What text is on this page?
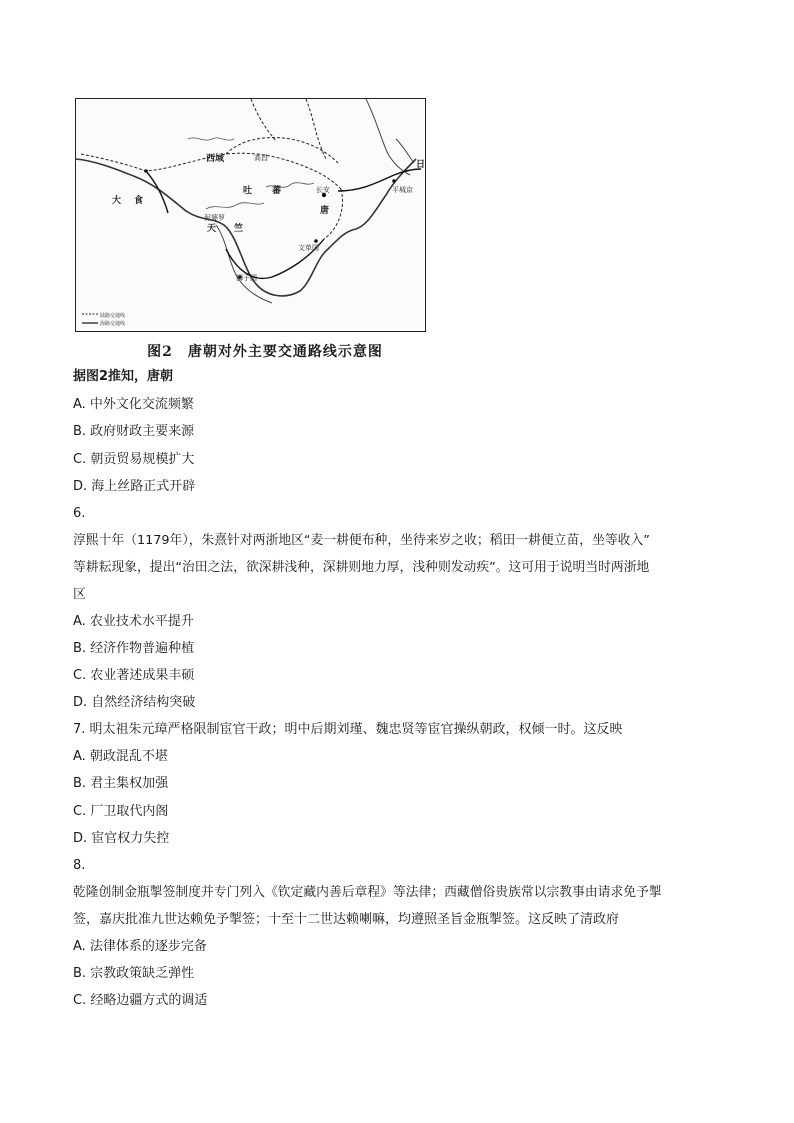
大 食
天 竺
吐 蕃
唐
长安
狮子国
文单国
泥婆罗
西域	高昌
日
平城京
陆路交通线
海路交通线
图2　唐朝对外主要交通路线示意图
据图2推知，唐朝
A. 中外文化交流频繁
B. 政府财政主要来源
C. 朝贡贸易规模扩大
D. 海上丝路正式开辟
6.
淳熙十年（1179年），朱熹针对两浙地区“麦一耕便布种，坐待来岁之收；稻田一耕便立苗，坐等收入”
等耕耘现象，提出“治田之法，欲深耕浅种，深耕则地力厚，浅种则发动疾”。这可用于说明当时两浙地
区
A. 农业技术水平提升
B. 经济作物普遍种植
C. 农业著述成果丰硕
D. 自然经济结构突破
7. 明太祖朱元璋严格限制宦官干政；明中后期刘瑾、魏忠贤等宦官操纵朝政，权倾一时。这反映
A. 朝政混乱不堪
B. 君主集权加强
C. 厂卫取代内阁
D. 宦官权力失控
8.
乾隆创制金瓶掣签制度并专门列入《钦定藏内善后章程》等法律；西藏僧俗贵族常以宗教事由请求免予掣
签，嘉庆批准九世达赖免予掣签；十至十二世达赖喇嘛，均遵照圣旨金瓶掣签。这反映了清政府
A. 法律体系的逐步完备
B. 宗教政策缺乏弹性
C. 经略边疆方式的调适
